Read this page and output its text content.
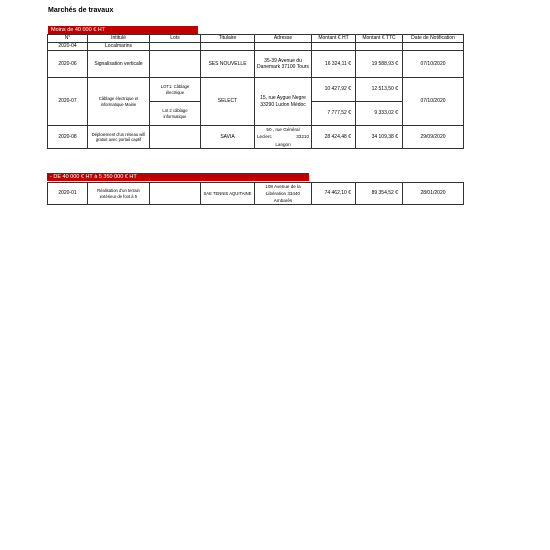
Marchés de travaux
Moins de 40 000 € HT
N°	Intitulé	Lots	Titulaire	Adresse	Montant € HT	Montant € TTC	Date de Notification
2020-04	Localmarins						
2020-06	Signalisation verticale		SES NOUVELLE	35-39 Avenue du Danemark 37100 Tours	16 324,11 €	19 588,93 €	07/10/2020
2020-07	Câblage électrique et informatique Mairie	LOT1: Câblage électrique	SELECT	15, rue Aygue Negre 33290 Ludon Médoc	10 427,92 €	12 513,50 €	07/10/2020
		Lot 2 câblage informatique			7 777,52 €	9 333,02 €	
2020-08	Déploiement d'un réseau wifi gratuit avec portail captif		SAVIA	50 , rue Général
Leclerc 33210
Langon	28 424,48 €	34 109,38 €	29/09/2020
- DE 40 000 € HT à 5 350 000 € HT
2020-01	Réalisation d'un terrain extérieur de foot à 5		SAE TENNIS AQUITAINE	
108 Avenue de la
Libération 33440
Ambarès
	74 462,10 €	89 354,52 €	28/01/2020
